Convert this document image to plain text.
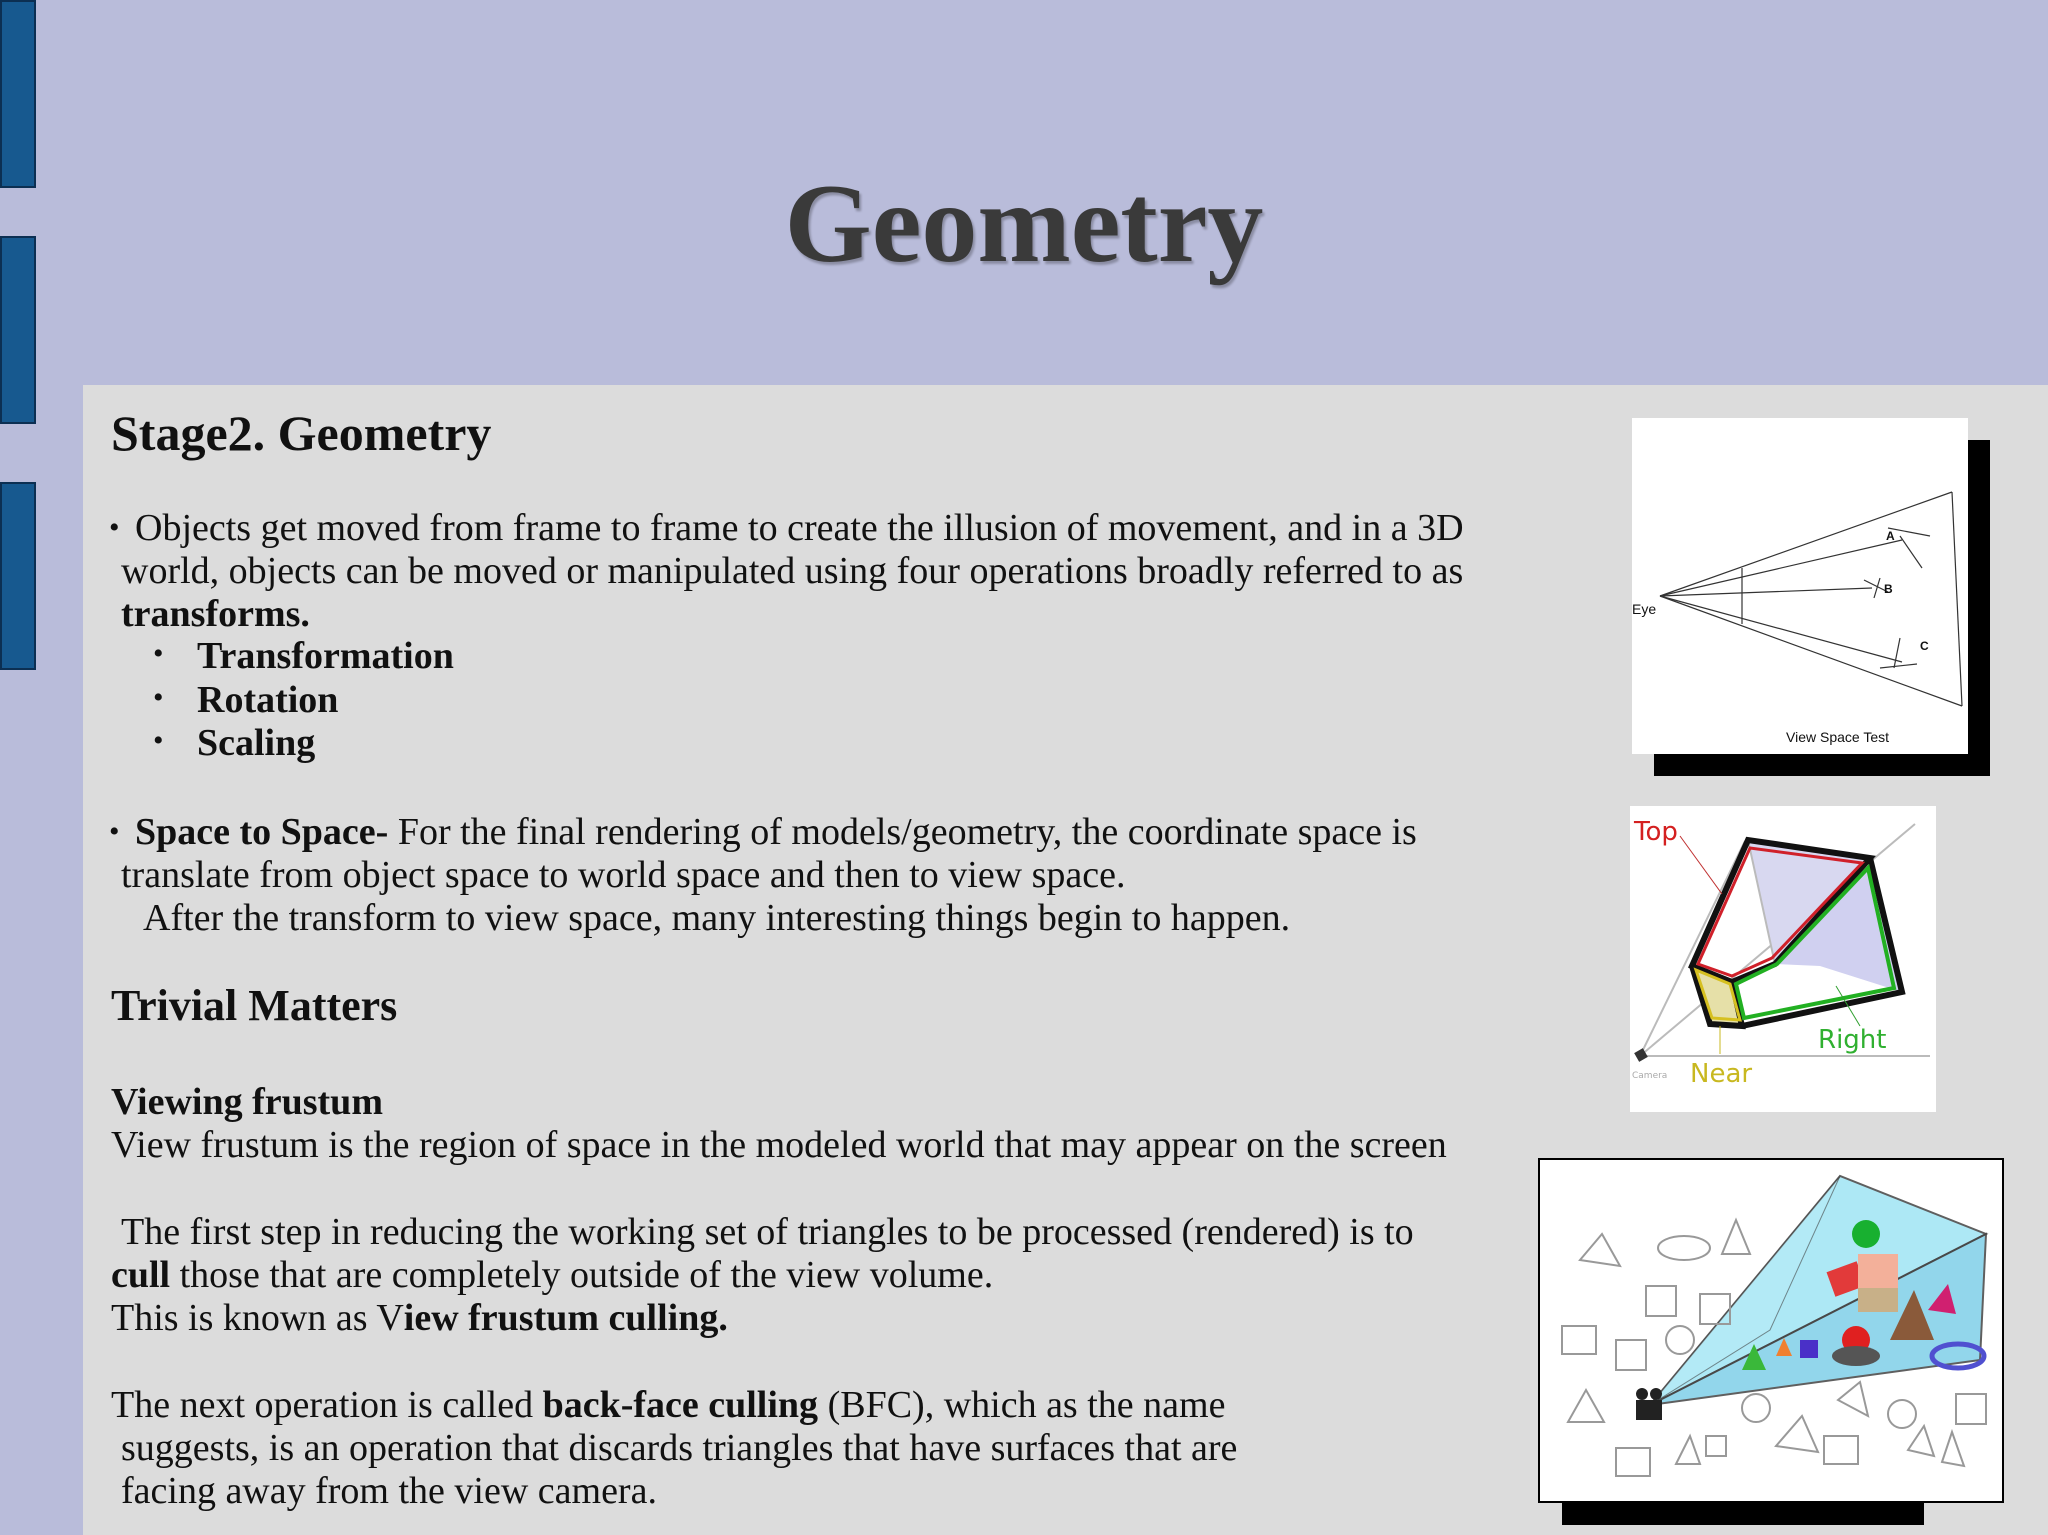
Geometry
Stage2. Geometry
• Objects get moved from frame to frame to create the illusion of movement, and in a 3D
world, objects can be moved or manipulated using four operations broadly referred to as
transforms.
• Transformation
• Rotation
• Scaling
• Space to Space- For the final rendering of models/geometry, the coordinate space is
translate from object space to world space and then to view space.
After the transform to view space, many interesting things begin to happen.
Trivial Matters
Viewing frustum
View frustum is the region of space in the modeled world that may appear on the screen
The first step in reducing the working set of triangles to be processed (rendered) is to
cull those that are completely outside of the view volume.
This is known as View frustum culling.
The next operation is called back-face culling (BFC), which as the name
suggests, is an operation that discards triangles that have surfaces that are
facing away from the view camera.
Eye
A
B
C
View Space Test
Top
Right
Near
Camera
